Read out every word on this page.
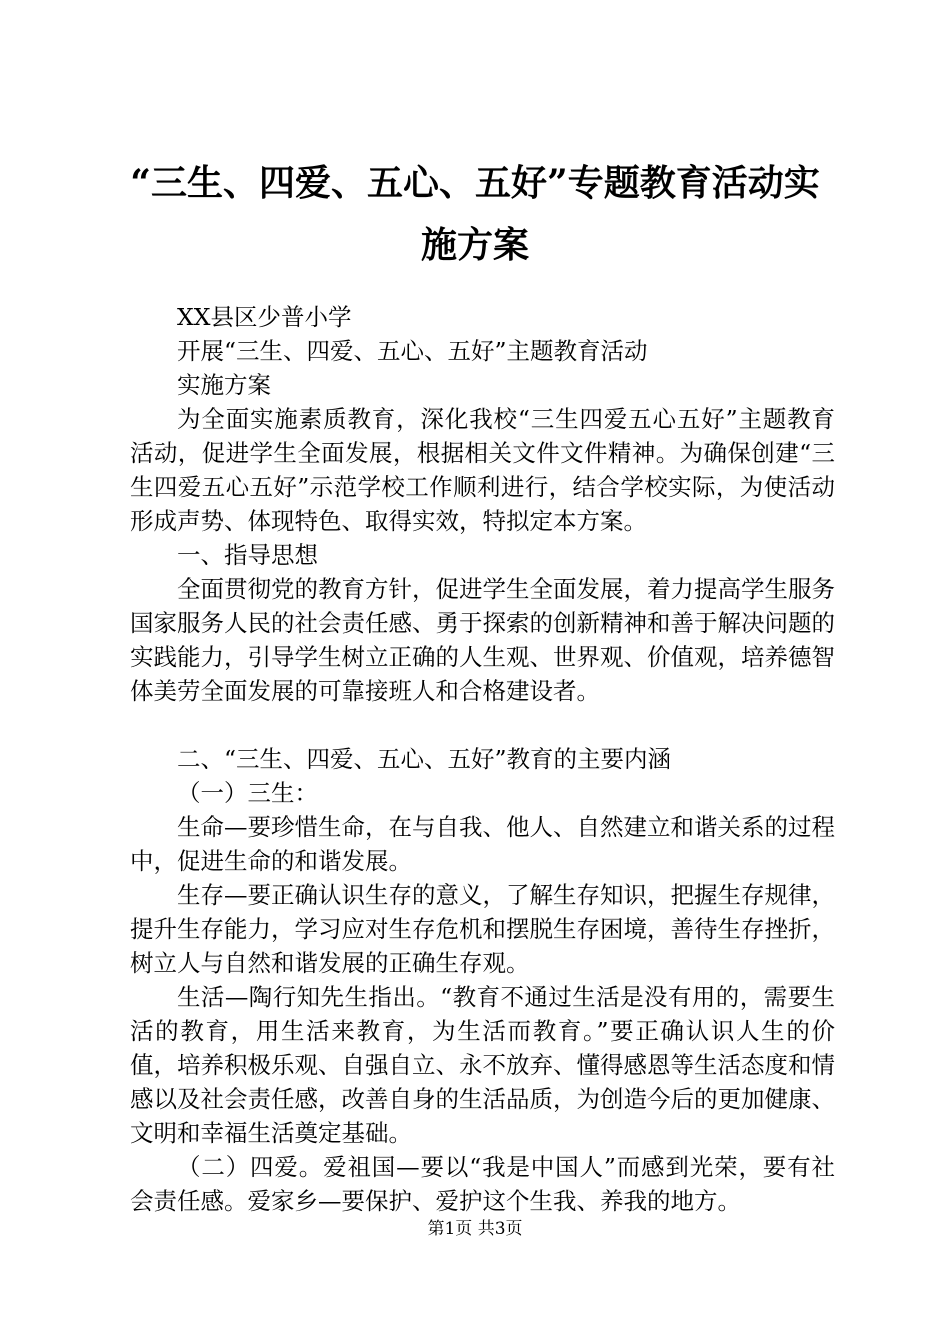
“三生、四爱、五心、五好”专题教育活动实
施方案

XX县区少普小学

开展“三生、四爱、五心、五好”主题教育活动

实施方案

为全面实施素质教育，深化我校“三生四爱五心五好”主题教育活动，促进学生全面发展，根据相关文件文件精神。为确保创建“三生四爱五心五好”示范学校工作顺利进行，结合学校实际，为使活动形成声势、体现特色、取得实效，特拟定本方案。

一、指导思想

全面贯彻党的教育方针，促进学生全面发展，着力提高学生服务国家服务人民的社会责任感、勇于探索的创新精神和善于解决问题的实践能力，引导学生树立正确的人生观、世界观、价值观，培养德智体美劳全面发展的可靠接班人和合格建设者。

二、“三生、四爱、五心、五好”教育的主要内涵

（一）三生：

生命—要珍惜生命，在与自我、他人、自然建立和谐关系的过程中，促进生命的和谐发展。

生存—要正确认识生存的意义，了解生存知识，把握生存规律，提升生存能力，学习应对生存危机和摆脱生存困境，善待生存挫折，树立人与自然和谐发展的正确生存观。

生活—陶行知先生指出。“教育不通过生活是没有用的，需要生活的教育，用生活来教育，为生活而教育。”要正确认识人生的价值，培养积极乐观、自强自立、永不放弃、懂得感恩等生活态度和情感以及社会责任感，改善自身的生活品质，为创造今后的更加健康、文明和幸福生活奠定基础。

（二）四爱。爱祖国—要以“我是中国人”而感到光荣，要有社会责任感。爱家乡—要保护、爱护这个生我、养我的地方。

第1页 共3页
